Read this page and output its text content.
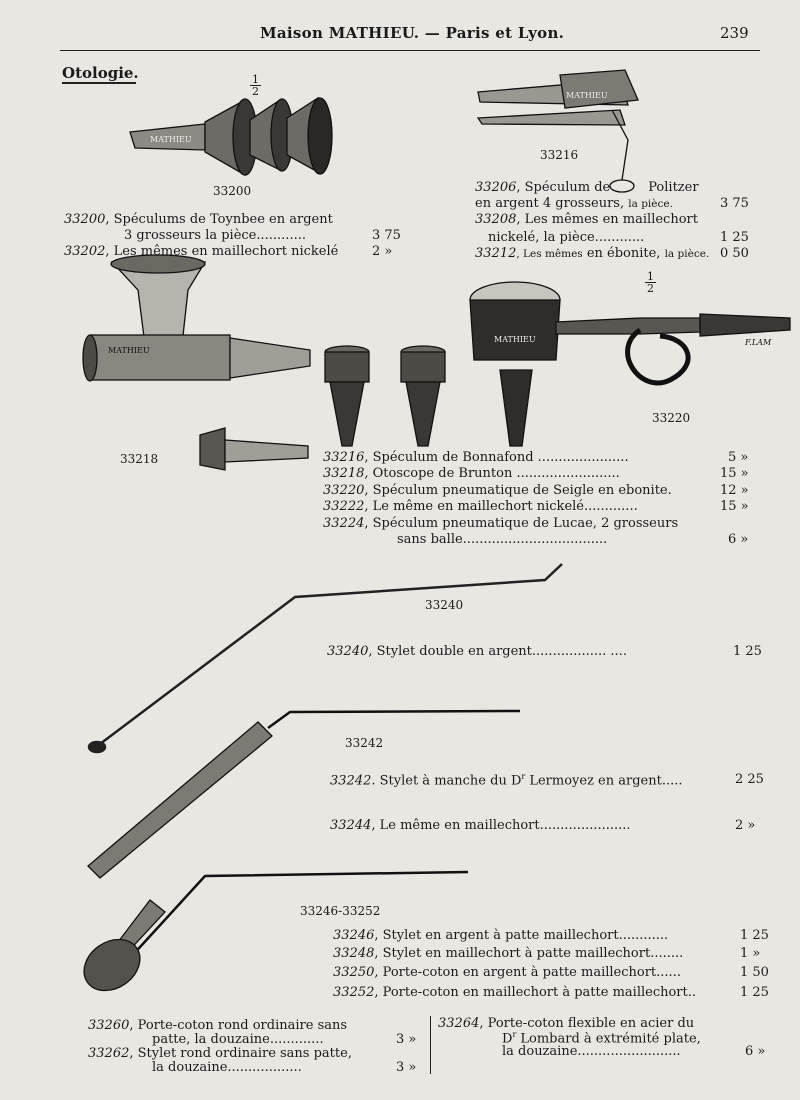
MATHIEU
MATHIEU
MATHIEU
MATHIEU	F.LAM
Maison MATHIEU. — Paris et Lyon.	239
Otologie.
$\frac{1}{2}$
$\frac{1}{2}$
33200
33216
33218
33220
33240
33242
33246-33252
33200, Spéculums de Toynbee en argent
3 grosseurs la pièce............	3 75
33202, Les mêmes en maillechort nickelé	2 »
33206, Spéculum de	Politzer
en argent 4 grosseurs, la pièce.	3 75
33208, Les mêmes en maillechort
nickelé, la pièce............	1 25
33212, Les mêmes en ébonite, la pièce. 0 50
33216, Spéculum de Bonnafond ......................	5 »
33218, Otoscope de Brunton .........................	15 »
33220, Spéculum pneumatique de Seigle en ebonite.	12 »
33222, Le même en maillechort nickelé.............	15 »
33224, Spéculum pneumatique de Lucae, 2 grosseurs
sans balle...................................	6 »
33240, Stylet double en argent.................. ....	1 25
33242. Stylet à manche du $D^r$ Lermoyez en argent.....	2 25
33244, Le même en maillechort......................	2 »
33246, Stylet en argent à patte maillechort............	1 25
33248, Stylet en maillechort à patte maillechort........	1 »
33250, Porte-coton en argent à patte maillechort......	1 50
33252, Porte-coton en maillechort à patte maillechort..	1 25
33260, Porte-coton rond ordinaire sans
patte, la douzaine.............	3 »
33262, Stylet rond ordinaire sans patte,
la douzaine..................	3 »
33264, Porte-coton flexible en acier du
$D^r$ Lombard à extrémité plate,
la douzaine.........................	6 »
